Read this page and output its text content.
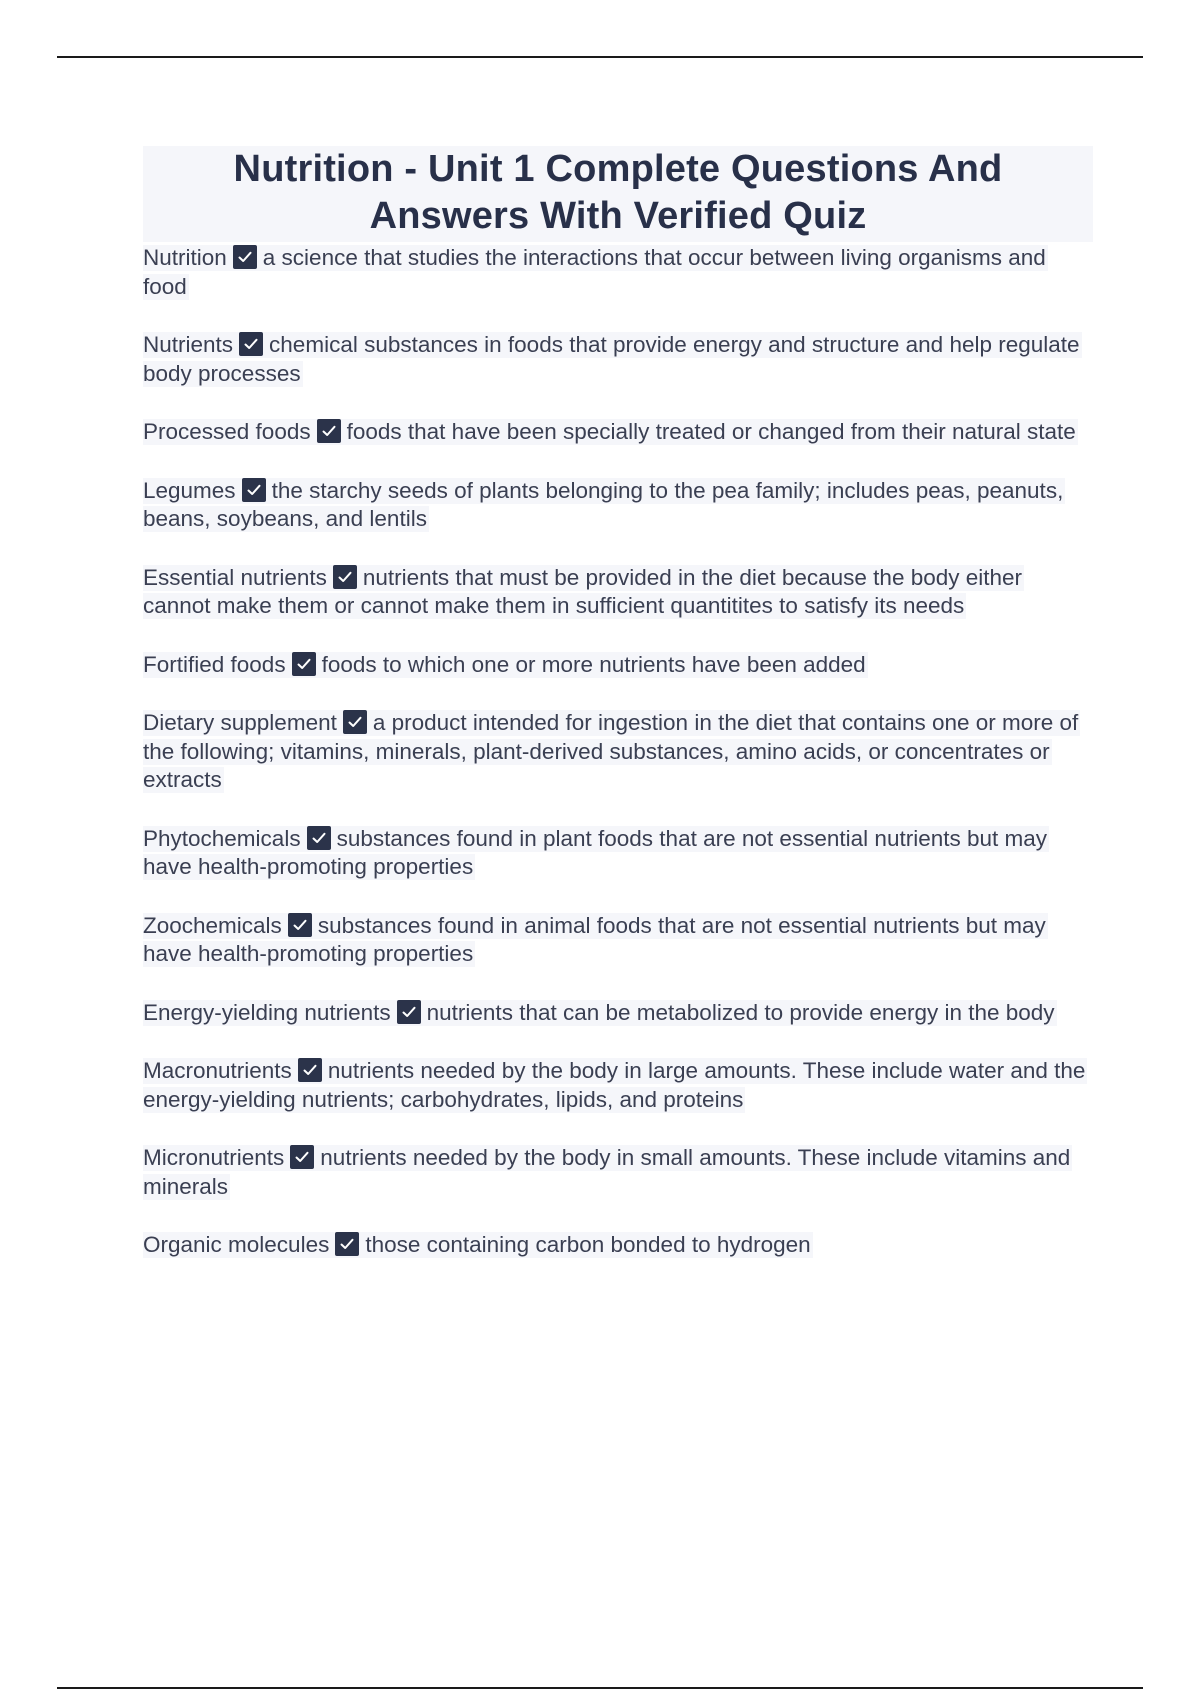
Nutrition - Unit 1 Complete Questions And Answers With Verified Quiz
Nutrition a science that studies the interactions that occur between living organisms and food
Nutrients chemical substances in foods that provide energy and structure and help regulate body processes
Processed foods foods that have been specially treated or changed from their natural state
Legumes the starchy seeds of plants belonging to the pea family; includes peas, peanuts, beans, soybeans, and lentils
Essential nutrients nutrients that must be provided in the diet because the body either cannot make them or cannot make them in sufficient quantitites to satisfy its needs
Fortified foods foods to which one or more nutrients have been added
Dietary supplement a product intended for ingestion in the diet that contains one or more of the following; vitamins, minerals, plant-derived substances, amino acids, or concentrates or extracts
Phytochemicals substances found in plant foods that are not essential nutrients but may have health-promoting properties
Zoochemicals substances found in animal foods that are not essential nutrients but may have health-promoting properties
Energy-yielding nutrients nutrients that can be metabolized to provide energy in the body
Macronutrients nutrients needed by the body in large amounts. These include water and the energy-yielding nutrients; carbohydrates, lipids, and proteins
Micronutrients nutrients needed by the body in small amounts. These include vitamins and minerals
Organic molecules those containing carbon bonded to hydrogen
